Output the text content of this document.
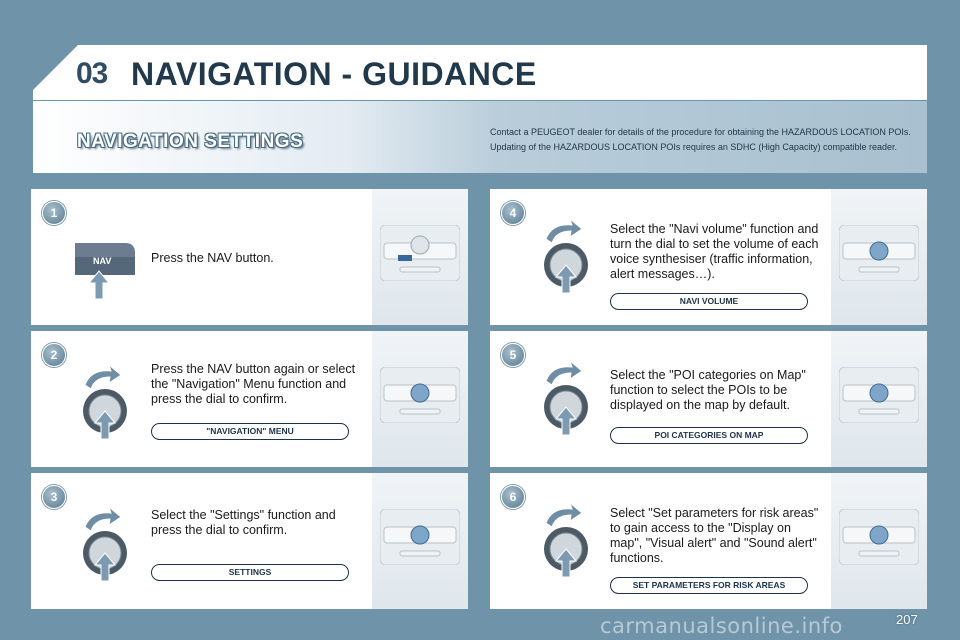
03 NAVIGATION - GUIDANCE
NAVIGATION SETTINGS	Contact a PEUGEOT dealer for details of the procedure for obtaining the HAZARDOUS LOCATION POIs.

Updating of the HAZARDOUS LOCATION POIs requires an SDHC (High Capacity) compatible reader.

1
NAV	Press the NAV button.
2
Press the NAV button again or select the "Navigation" Menu function and press the dial to confirm.
"NAVIGATION" MENU
3
Select the "Settings" function and press the dial to confirm.
SETTINGS
4
Select the "Navi volume" function and turn the dial to set the volume of each voice synthesiser (traffic information, alert messages…).
NAVI VOLUME
5
Select the "POI categories on Map" function to select the POIs to be displayed on the map by default.
POI CATEGORIES ON MAP
6
Select "Set parameters for risk areas" to gain access to the "Display on map", "Visual alert" and "Sound alert" functions.
SET PARAMETERS FOR RISK AREAS
carmanualsonline.info	207
